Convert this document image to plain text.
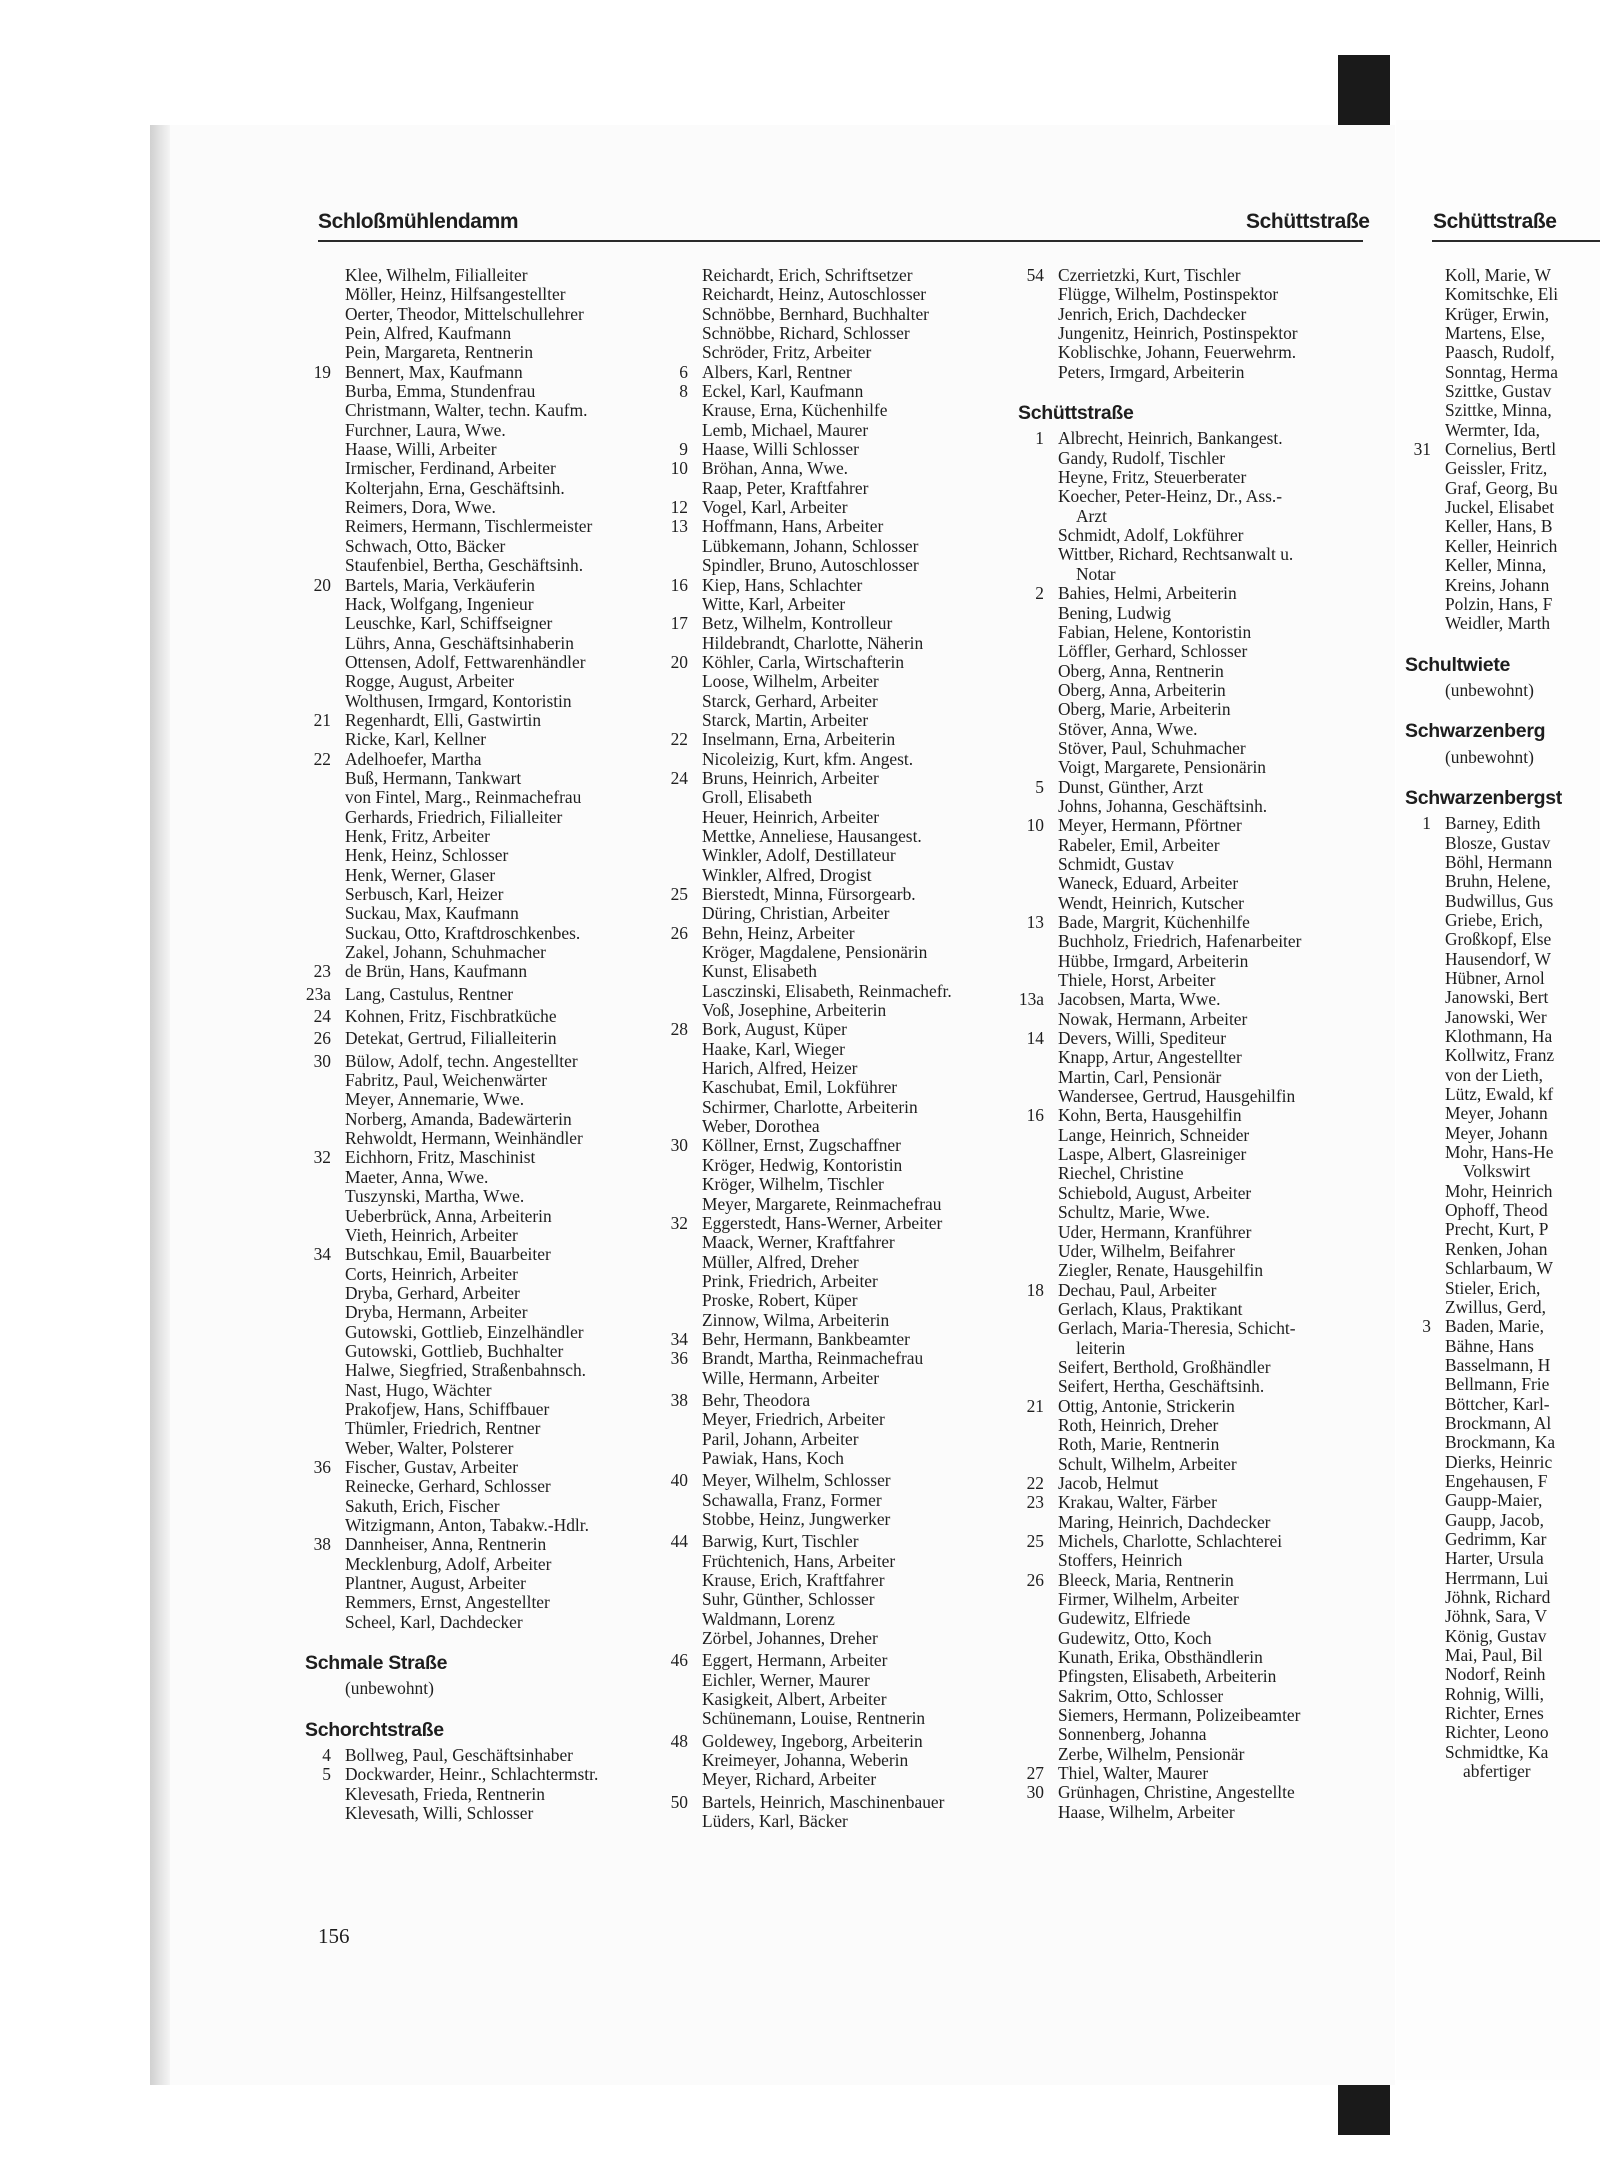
Schloßmühlendamm	Schüttstraße	Schüttstraße
Klee, Wilhelm, Filialleiter
Möller, Heinz, Hilfsangestellter
Oerter, Theodor, Mittelschullehrer
Pein, Alfred, Kaufmann
Pein, Margareta, Rentnerin
19 Bennert, Max, Kaufmann
Burba, Emma, Stundenfrau
Christmann, Walter, techn. Kaufm.
Furchner, Laura, Wwe.
Haase, Willi, Arbeiter
Irmischer, Ferdinand, Arbeiter
Kolterjahn, Erna, Geschäftsinh.
Reimers, Dora, Wwe.
Reimers, Hermann, Tischlermeister
Schwach, Otto, Bäcker
Staufenbiel, Bertha, Geschäftsinh.
20 Bartels, Maria, Verkäuferin
Hack, Wolfgang, Ingenieur
Leuschke, Karl, Schiffseigner
Lührs, Anna, Geschäftsinhaberin
Ottensen, Adolf, Fettwarenhändler
Rogge, August, Arbeiter
Wolthusen, Irmgard, Kontoristin
21 Regenhardt, Elli, Gastwirtin
Ricke, Karl, Kellner
22 Adelhoefer, Martha
Buß, Hermann, Tankwart
von Fintel, Marg., Reinmachefrau
Gerhards, Friedrich, Filialleiter
Henk, Fritz, Arbeiter
Henk, Heinz, Schlosser
Henk, Werner, Glaser
Serbusch, Karl, Heizer
Suckau, Max, Kaufmann
Suckau, Otto, Kraftdroschkenbes.
Zakel, Johann, Schuhmacher
23 de Brün, Hans, Kaufmann
23a Lang, Castulus, Rentner
24 Kohnen, Fritz, Fischbratküche
26 Detekat, Gertrud, Filialleiterin
30 Bülow, Adolf, techn. Angestellter
Fabritz, Paul, Weichenwärter
Meyer, Annemarie, Wwe.
Norberg, Amanda, Badewärterin
Rehwoldt, Hermann, Weinhändler
32 Eichhorn, Fritz, Maschinist
Maeter, Anna, Wwe.
Tuszynski, Martha, Wwe.
Ueberbrück, Anna, Arbeiterin
Vieth, Heinrich, Arbeiter
34 Butschkau, Emil, Bauarbeiter
Corts, Heinrich, Arbeiter
Dryba, Gerhard, Arbeiter
Dryba, Hermann, Arbeiter
Gutowski, Gottlieb, Einzelhändler
Gutowski, Gottlieb, Buchhalter
Halwe, Siegfried, Straßenbahnsch.
Nast, Hugo, Wächter
Prakofjew, Hans, Schiffbauer
Thümler, Friedrich, Rentner
Weber, Walter, Polsterer
36 Fischer, Gustav, Arbeiter
Reinecke, Gerhard, Schlosser
Sakuth, Erich, Fischer
Witzigmann, Anton, Tabakw.-Hdlr.
38 Dannheiser, Anna, Rentnerin
Mecklenburg, Adolf, Arbeiter
Plantner, August, Arbeiter
Remmers, Ernst, Angestellter
Scheel, Karl, Dachdecker
Schmale Straße
(unbewohnt)
Schorchtstraße
4 Bollweg, Paul, Geschäftsinhaber
5 Dockwarder, Heinr., Schlachtermstr.
Klevesath, Frieda, Rentnerin
Klevesath, Willi, Schlosser
Reichardt, Erich, Schriftsetzer
Reichardt, Heinz, Autoschlosser
Schnöbbe, Bernhard, Buchhalter
Schnöbbe, Richard, Schlosser
Schröder, Fritz, Arbeiter
6 Albers, Karl, Rentner
8 Eckel, Karl, Kaufmann
Krause, Erna, Küchenhilfe
Lemb, Michael, Maurer
9 Haase, Willi Schlosser
10 Bröhan, Anna, Wwe.
Raap, Peter, Kraftfahrer
12 Vogel, Karl, Arbeiter
13 Hoffmann, Hans, Arbeiter
Lübkemann, Johann, Schlosser
Spindler, Bruno, Autoschlosser
16 Kiep, Hans, Schlachter
Witte, Karl, Arbeiter
17 Betz, Wilhelm, Kontrolleur
Hildebrandt, Charlotte, Näherin
20 Köhler, Carla, Wirtschafterin
Loose, Wilhelm, Arbeiter
Starck, Gerhard, Arbeiter
Starck, Martin, Arbeiter
22 Inselmann, Erna, Arbeiterin
Nicoleizig, Kurt, kfm. Angest.
24 Bruns, Heinrich, Arbeiter
Groll, Elisabeth
Heuer, Heinrich, Arbeiter
Mettke, Anneliese, Hausangest.
Winkler, Adolf, Destillateur
Winkler, Alfred, Drogist
25 Bierstedt, Minna, Fürsorgearb.
Düring, Christian, Arbeiter
26 Behn, Heinz, Arbeiter
Kröger, Magdalene, Pensionärin
Kunst, Elisabeth
Lasczinski, Elisabeth, Reinmachefr.
Voß, Josephine, Arbeiterin
28 Bork, August, Küper
Haake, Karl, Wieger
Harich, Alfred, Heizer
Kaschubat, Emil, Lokführer
Schirmer, Charlotte, Arbeiterin
Weber, Dorothea
30 Köllner, Ernst, Zugschaffner
Kröger, Hedwig, Kontoristin
Kröger, Wilhelm, Tischler
Meyer, Margarete, Reinmachefrau
32 Eggerstedt, Hans-Werner, Arbeiter
Maack, Werner, Kraftfahrer
Müller, Alfred, Dreher
Prink, Friedrich, Arbeiter
Proske, Robert, Küper
Zinnow, Wilma, Arbeiterin
34 Behr, Hermann, Bankbeamter
36 Brandt, Martha, Reinmachefrau
Wille, Hermann, Arbeiter
38 Behr, Theodora
Meyer, Friedrich, Arbeiter
Paril, Johann, Arbeiter
Pawiak, Hans, Koch
40 Meyer, Wilhelm, Schlosser
Schawalla, Franz, Former
Stobbe, Heinz, Jungwerker
44 Barwig, Kurt, Tischler
Früchtenich, Hans, Arbeiter
Krause, Erich, Kraftfahrer
Suhr, Günther, Schlosser
Waldmann, Lorenz
Zörbel, Johannes, Dreher
46 Eggert, Hermann, Arbeiter
Eichler, Werner, Maurer
Kasigkeit, Albert, Arbeiter
Schünemann, Louise, Rentnerin
48 Goldewey, Ingeborg, Arbeiterin
Kreimeyer, Johanna, Weberin
Meyer, Richard, Arbeiter
50 Bartels, Heinrich, Maschinenbauer
Lüders, Karl, Bäcker
54 Czerrietzki, Kurt, Tischler
Flügge, Wilhelm, Postinspektor
Jenrich, Erich, Dachdecker
Jungenitz, Heinrich, Postinspektor
Koblischke, Johann, Feuerwehrm.
Peters, Irmgard, Arbeiterin
Schüttstraße
1 Albrecht, Heinrich, Bankangest.
Gandy, Rudolf, Tischler
Heyne, Fritz, Steuerberater
Koecher, Peter-Heinz, Dr., Ass.-
Arzt
Schmidt, Adolf, Lokführer
Wittber, Richard, Rechtsanwalt u.
Notar
2 Bahies, Helmi, Arbeiterin
Bening, Ludwig
Fabian, Helene, Kontoristin
Löffler, Gerhard, Schlosser
Oberg, Anna, Rentnerin
Oberg, Anna, Arbeiterin
Oberg, Marie, Arbeiterin
Stöver, Anna, Wwe.
Stöver, Paul, Schuhmacher
Voigt, Margarete, Pensionärin
5 Dunst, Günther, Arzt
Johns, Johanna, Geschäftsinh.
10 Meyer, Hermann, Pförtner
Rabeler, Emil, Arbeiter
Schmidt, Gustav
Waneck, Eduard, Arbeiter
Wendt, Heinrich, Kutscher
13 Bade, Margrit, Küchenhilfe
Buchholz, Friedrich, Hafenarbeiter
Hübbe, Irmgard, Arbeiterin
Thiele, Horst, Arbeiter
13a Jacobsen, Marta, Wwe.
Nowak, Hermann, Arbeiter
14 Devers, Willi, Spediteur
Knapp, Artur, Angestellter
Martin, Carl, Pensionär
Wandersee, Gertrud, Hausgehilfin
16 Kohn, Berta, Hausgehilfin
Lange, Heinrich, Schneider
Laspe, Albert, Glasreiniger
Riechel, Christine
Schiebold, August, Arbeiter
Schultz, Marie, Wwe.
Uder, Hermann, Kranführer
Uder, Wilhelm, Beifahrer
Ziegler, Renate, Hausgehilfin
18 Dechau, Paul, Arbeiter
Gerlach, Klaus, Praktikant
Gerlach, Maria-Theresia, Schicht-
leiterin
Seifert, Berthold, Großhändler
Seifert, Hertha, Geschäftsinh.
21 Ottig, Antonie, Strickerin
Roth, Heinrich, Dreher
Roth, Marie, Rentnerin
Schult, Wilhelm, Arbeiter
22 Jacob, Helmut
23 Krakau, Walter, Färber
Maring, Heinrich, Dachdecker
25 Michels, Charlotte, Schlachterei
Stoffers, Heinrich
26 Bleeck, Maria, Rentnerin
Firmer, Wilhelm, Arbeiter
Gudewitz, Elfriede
Gudewitz, Otto, Koch
Kunath, Erika, Obsthändlerin
Pfingsten, Elisabeth, Arbeiterin
Sakrim, Otto, Schlosser
Siemers, Hermann, Polizeibeamter
Sonnenberg, Johanna
Zerbe, Wilhelm, Pensionär
27 Thiel, Walter, Maurer
30 Grünhagen, Christine, Angestellte
Haase, Wilhelm, Arbeiter
Koll, Marie, W
Komitschke, Eli
Krüger, Erwin,
Martens, Else,
Paasch, Rudolf,
Sonntag, Herma
Szittke, Gustav
Szittke, Minna,
Wermter, Ida,
31 Cornelius, Bertl
Geissler, Fritz,
Graf, Georg, Bu
Juckel, Elisabet
Keller, Hans, B
Keller, Heinrich
Keller, Minna,
Kreins, Johann
Polzin, Hans, F
Weidler, Marth
Schultwiete
(unbewohnt)
Schwarzenberg
(unbewohnt)
Schwarzenbergst
1 Barney, Edith
Blosze, Gustav
Böhl, Hermann
Bruhn, Helene,
Budwillus, Gus
Griebe, Erich,
Großkopf, Else
Hausendorf, W
Hübner, Arnol
Janowski, Bert
Janowski, Wer
Klothmann, Ha
Kollwitz, Franz
von der Lieth,
Lütz, Ewald, kf
Meyer, Johann
Meyer, Johann
Mohr, Hans-He
Volkswirt
Mohr, Heinrich
Ophoff, Theod
Precht, Kurt, P
Renken, Johan
Schlarbaum, W
Stieler, Erich,
Zwillus, Gerd,
3 Baden, Marie,
Bähne, Hans
Basselmann, H
Bellmann, Frie
Böttcher, Karl-
Brockmann, Al
Brockmann, Ka
Dierks, Heinric
Engehausen, F
Gaupp-Maier,
Gaupp, Jacob,
Gedrimm, Kar
Harter, Ursula
Herrmann, Lui
Jöhnk, Richard
Jöhnk, Sara, V
König, Gustav
Mai, Paul, Bil
Nodorf, Reinh
Rohnig, Willi,
Richter, Ernes
Richter, Leono
Schmidtke, Ka
abfertiger
156
